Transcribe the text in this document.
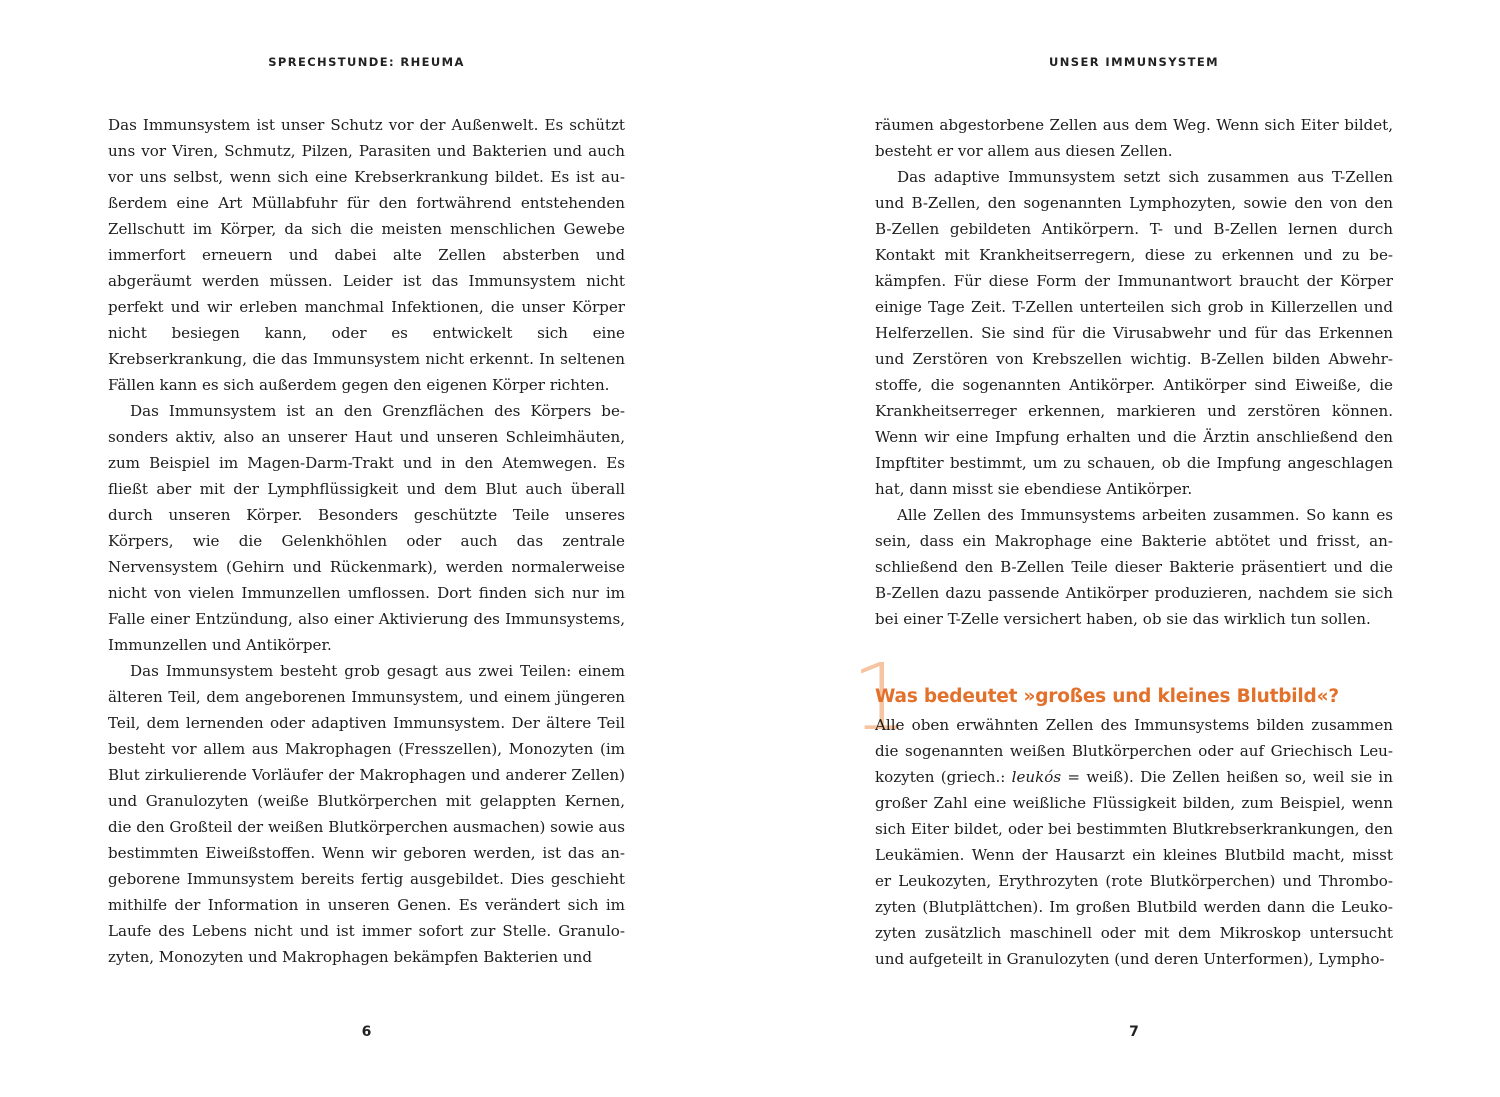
SPRECHSTUNDE: RHEUMA

Das Immunsystem ist unser Schutz vor der Außenwelt. Es schützt uns vor Viren, Schmutz, Pilzen, Parasiten und Bakterien und auch vor uns selbst, wenn sich eine Krebserkrankung bildet. Es ist außerdem eine Art Müllabfuhr für den fortwährend entstehenden Zellschutt im Körper, da sich die meisten menschlichen Gewebe immerfort erneuern und dabei alte Zellen absterben und abgeräumt werden müssen. Leider ist das Immunsystem nicht perfekt und wir erleben manchmal Infektionen, die unser Körper nicht besiegen kann, oder es entwickelt sich eine Krebserkrankung, die das Immunsystem nicht erkennt. In seltenen Fällen kann es sich außerdem gegen den eigenen Körper richten.

Das Immunsystem ist an den Grenzflächen des Körpers besonders aktiv, also an unserer Haut und unseren Schleimhäuten, zum Beispiel im Magen-Darm-Trakt und in den Atemwegen. Es fließt aber mit der Lymphflüssigkeit und dem Blut auch überall durch unseren Körper. Besonders geschützte Teile unseres Körpers, wie die Gelenkhöhlen oder auch das zentrale Nervensystem (Gehirn und Rückenmark), werden normalerweise nicht von vielen Immunzellen umflossen. Dort finden sich nur im Falle einer Entzündung, also einer Aktivierung des Immunsystems, Immunzellen und Antikörper.

Das Immunsystem besteht grob gesagt aus zwei Teilen: einem älteren Teil, dem angeborenen Immunsystem, und einem jüngeren Teil, dem lernenden oder adaptiven Immunsystem. Der ältere Teil besteht vor allem aus Makrophagen (Fresszellen), Monozyten (im Blut zirkulierende Vorläufer der Makrophagen und anderer Zellen) und Granulozyten (weiße Blutkörperchen mit gelappten Kernen, die den Großteil der weißen Blutkörperchen ausmachen) sowie aus bestimmten Eiweißstoffen. Wenn wir geboren werden, ist das angeborene Immunsystem bereits fertig ausgebildet. Dies geschieht mithilfe der Information in unseren Genen. Es verändert sich im Laufe des Lebens nicht und ist immer sofort zur Stelle. Granulozyten, Monozyten und Makrophagen bekämpfen Bakterien und

6
UNSER IMMUNSYSTEM

räumen abgestorbene Zellen aus dem Weg. Wenn sich Eiter bildet, besteht er vor allem aus diesen Zellen.

Das adaptive Immunsystem setzt sich zusammen aus T-Zellen und B-Zellen, den sogenannten Lymphozyten, sowie den von den B-Zellen gebildeten Antikörpern. T- und B-Zellen lernen durch Kontakt mit Krankheitserregern, diese zu erkennen und zu bekämpfen. Für diese Form der Immunantwort braucht der Körper einige Tage Zeit. T-Zellen unterteilen sich grob in Killerzellen und Helferzellen. Sie sind für die Virusabwehr und für das Erkennen und Zerstören von Krebszellen wichtig. B-Zellen bilden Abwehrstoffe, die sogenannten Antikörper. Antikörper sind Eiweiße, die Krankheitserreger erkennen, markieren und zerstören können. Wenn wir eine Impfung erhalten und die Ärztin anschließend den Impftiter bestimmt, um zu schauen, ob die Impfung angeschlagen hat, dann misst sie ebendiese Antikörper.

Alle Zellen des Immunsystems arbeiten zusammen. So kann es sein, dass ein Makrophage eine Bakterie abtötet und frisst, anschließend den B-Zellen Teile dieser Bakterie präsentiert und die B-Zellen dazu passende Antikörper produzieren, nachdem sie sich bei einer T-Zelle versichert haben, ob sie das wirklich tun sollen.

1
Was bedeutet »großes und kleines Blutbild«?

Alle oben erwähnten Zellen des Immunsystems bilden zusammen die sogenannten weißen Blutkörperchen oder auf Griechisch Leukozyten (griech.: leukós = weiß). Die Zellen heißen so, weil sie in großer Zahl eine weißliche Flüssigkeit bilden, zum Beispiel, wenn sich Eiter bildet, oder bei bestimmten Blutkrebserkrankungen, den Leukämien. Wenn der Hausarzt ein kleines Blutbild macht, misst er Leukozyten, Erythrozyten (rote Blutkörperchen) und Thrombozyten (Blutplättchen). Im großen Blutbild werden dann die Leukozyten zusätzlich maschinell oder mit dem Mikroskop untersucht und aufgeteilt in Granulozyten (und deren Unterformen), Lympho-

7
